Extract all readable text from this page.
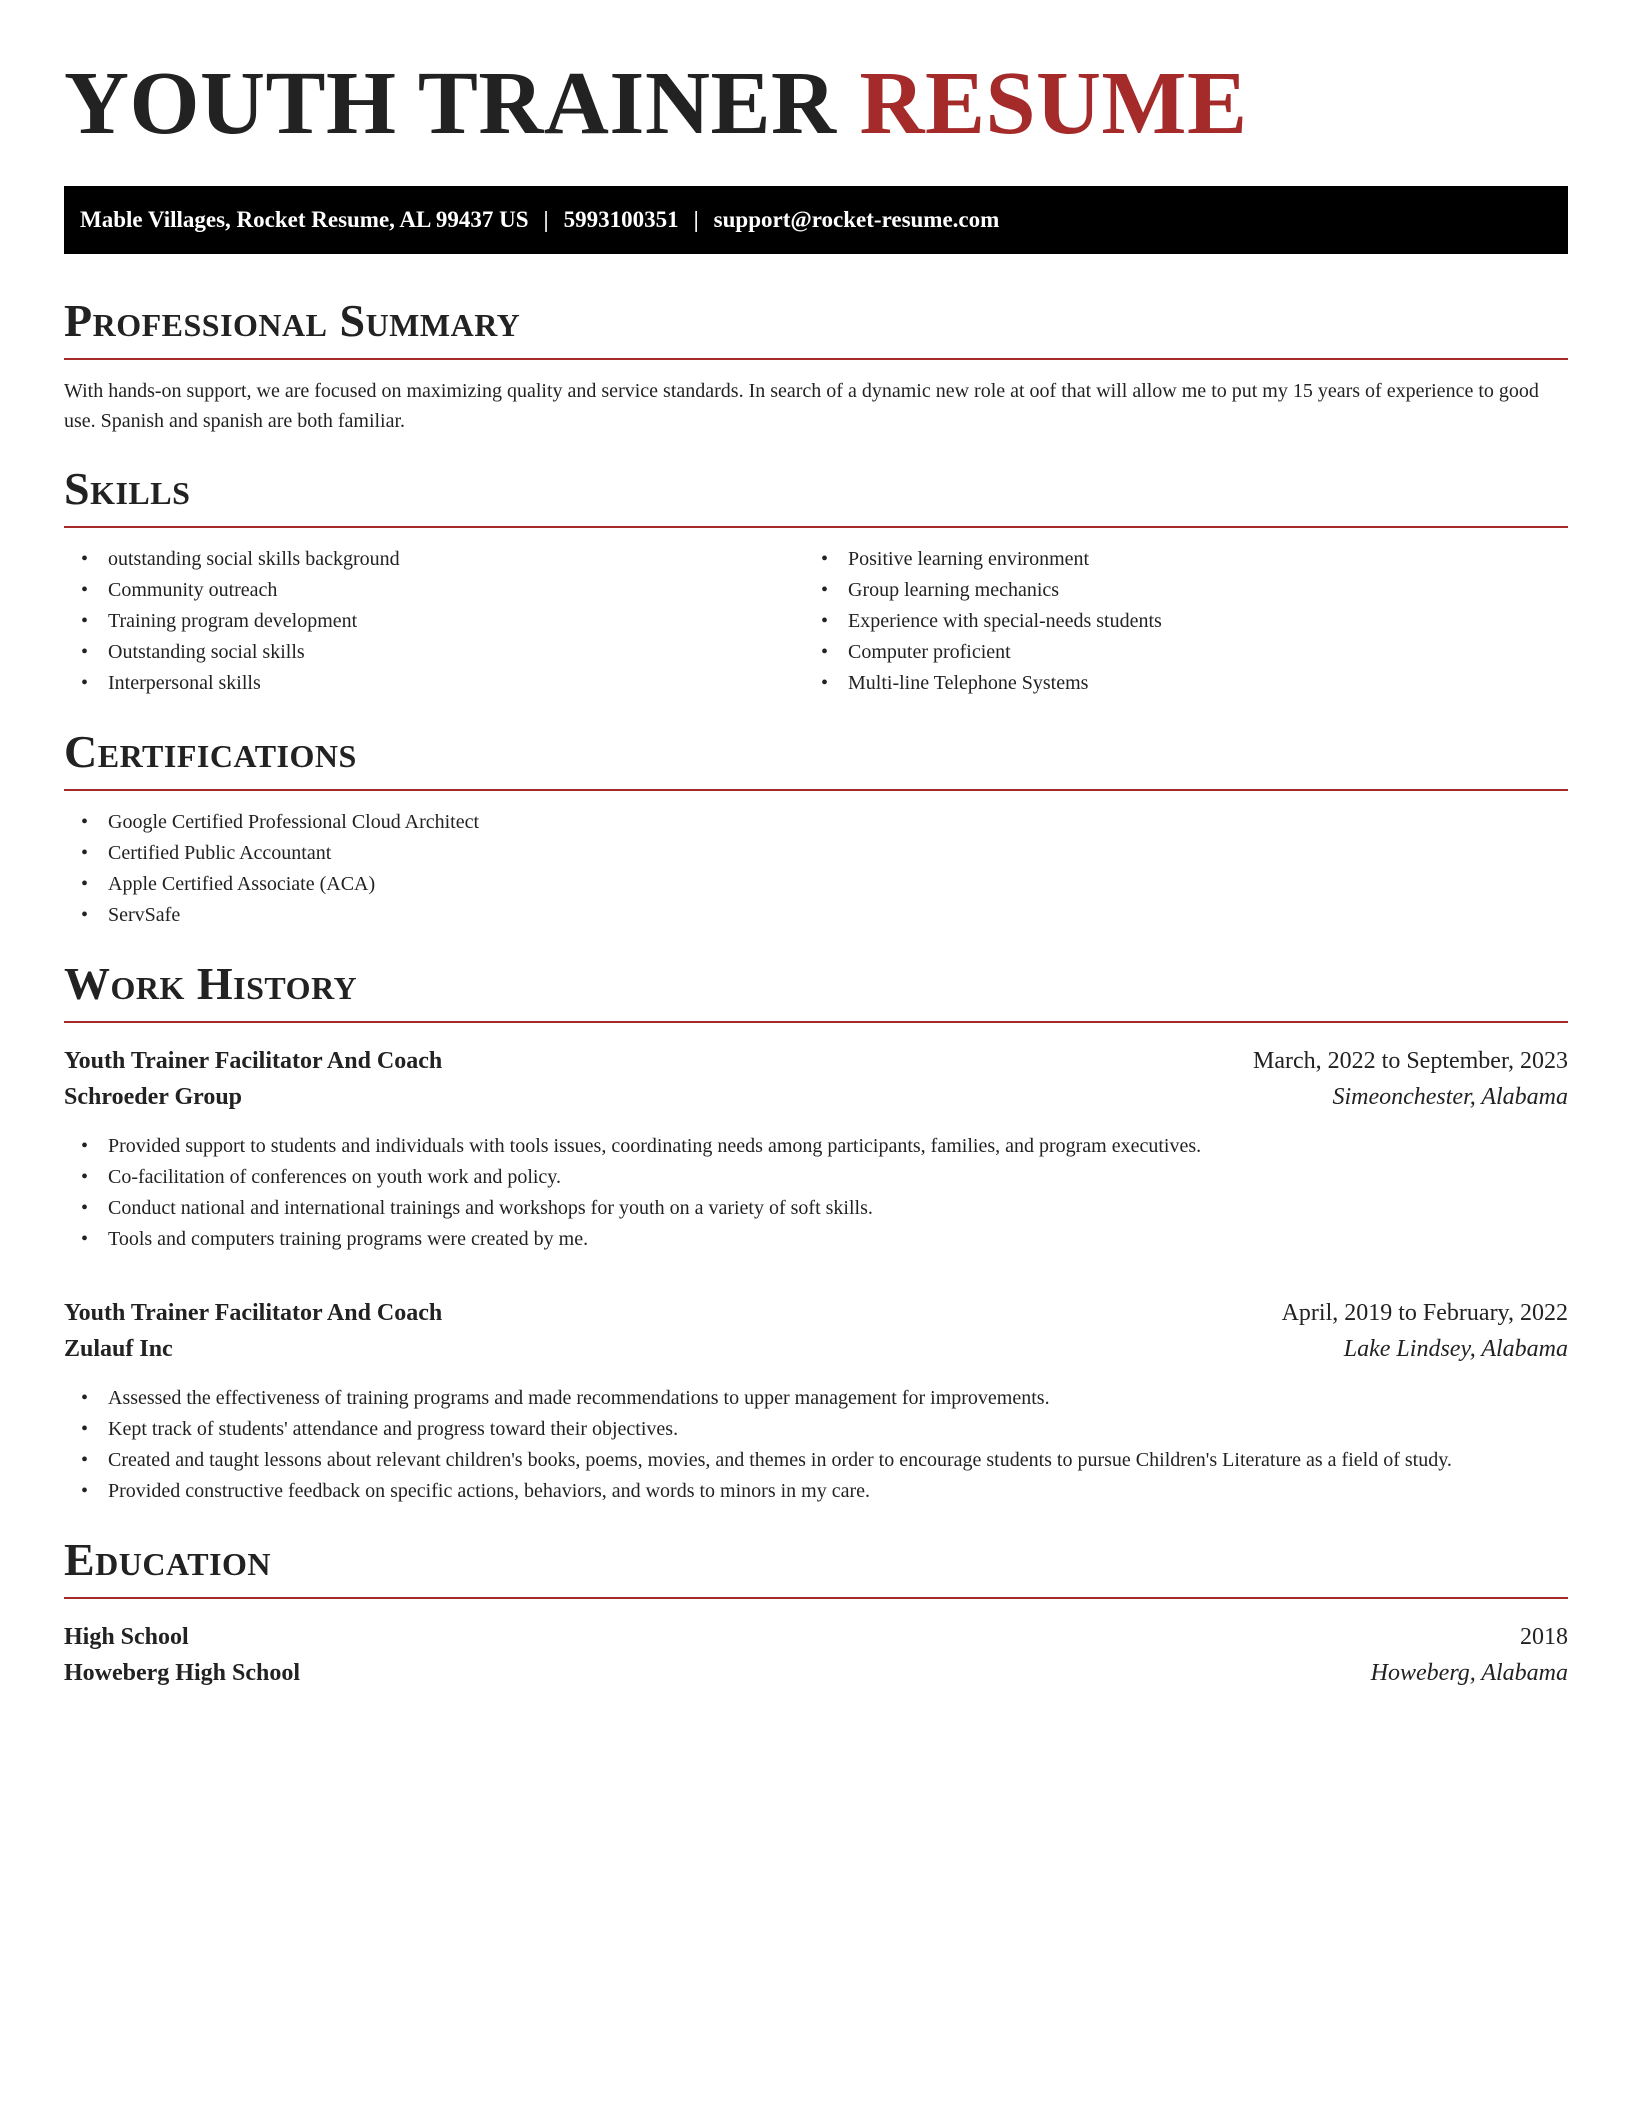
YOUTH TRAINER RESUME
Mable Villages, Rocket Resume, AL 99437 US | 5993100351 | support@rocket-resume.com
Professional Summary

With hands-on support, we are focused on maximizing quality and service standards. In search of a dynamic new role at oof that will allow me to put my 15 years of experience to good use. Spanish and spanish are both familiar.

Skills
• outstanding social skills background
• Community outreach
• Training program development
• Outstanding social skills
• Interpersonal skills
• Positive learning environment
• Group learning mechanics
• Experience with special-needs students
• Computer proficient
• Multi-line Telephone Systems
Certifications
• Google Certified Professional Cloud Architect
• Certified Public Accountant
• Apple Certified Associate (ACA)
• ServSafe
Work History
Youth Trainer Facilitator And Coach	March, 2022 to September, 2023
Schroeder Group	Simeonchester, Alabama
• Provided support to students and individuals with tools issues, coordinating needs among participants, families, and program executives.
• Co-facilitation of conferences on youth work and policy.
• Conduct national and international trainings and workshops for youth on a variety of soft skills.
• Tools and computers training programs were created by me.
Youth Trainer Facilitator And Coach	April, 2019 to February, 2022
Zulauf Inc	Lake Lindsey, Alabama
• Assessed the effectiveness of training programs and made recommendations to upper management for improvements.
• Kept track of students' attendance and progress toward their objectives.
• Created and taught lessons about relevant children's books, poems, movies, and themes in order to encourage students to pursue Children's Literature as a field of study.
• Provided constructive feedback on specific actions, behaviors, and words to minors in my care.
Education
High School	2018
Howeberg High School	Howeberg, Alabama
